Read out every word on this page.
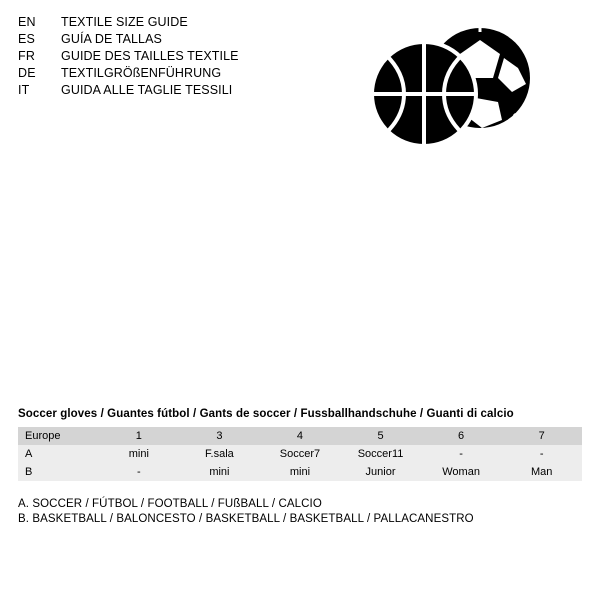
EN	TEXTILE SIZE GUIDE
ES	GUÍA DE TALLAS
FR	GUIDE DES TAILLES TEXTILE
DE	TEXTILGRÖßENFÜHRUNG
IT	GUIDA ALLE TAGLIE TESSILI
Soccer gloves / Guantes fútbol / Gants de soccer / Fussballhandschuhe / Guanti di calcio
Europe	1	3	4	5	6	7
A	mini	F.sala	Soccer7	Soccer11	-	-
B	-	mini	mini	Junior	Woman	Man
A. SOCCER / FÚTBOL / FOOTBALL / FUßBALL / CALCIO
B. BASKETBALL / BALONCESTO / BASKETBALL / BASKETBALL / PALLACANESTRO
